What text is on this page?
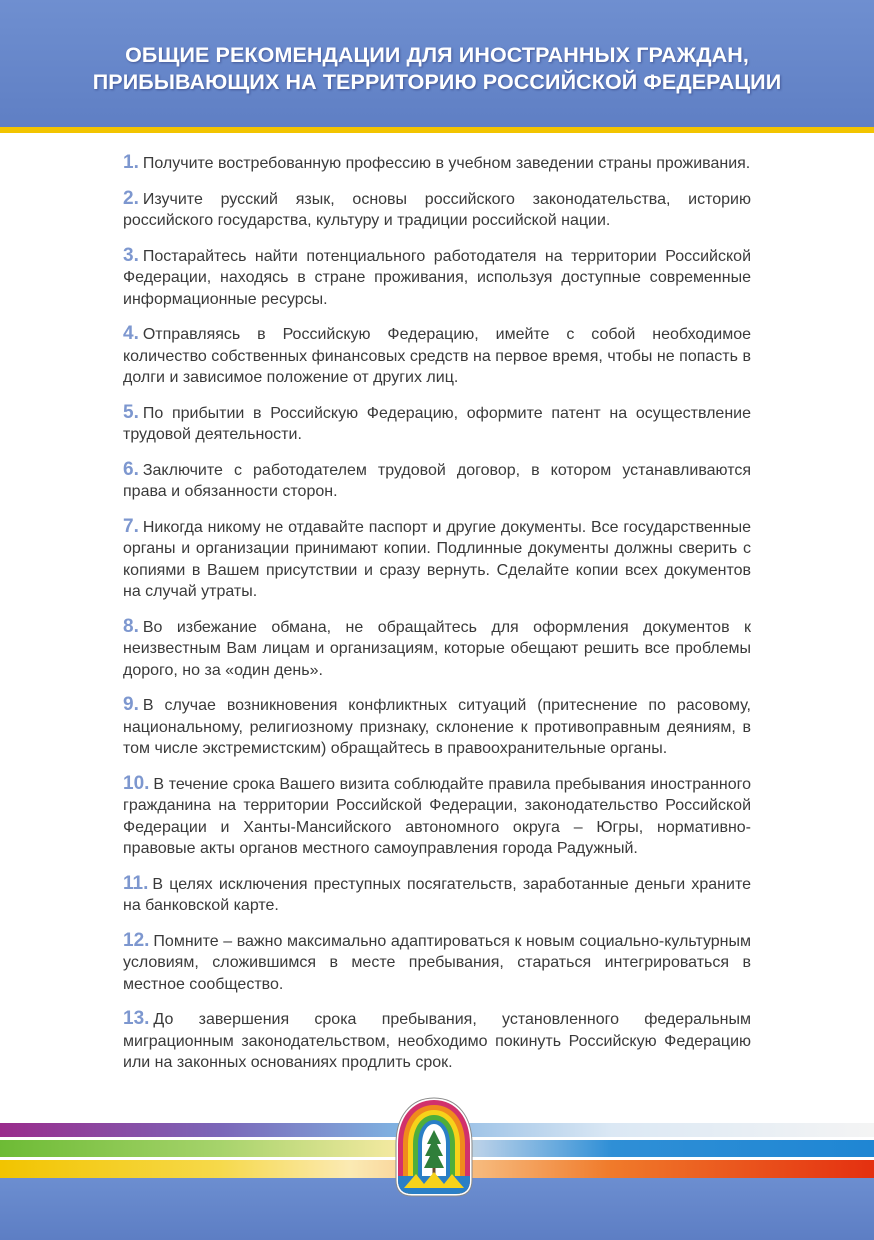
ОБЩИЕ РЕКОМЕНДАЦИИ ДЛЯ ИНОСТРАННЫХ ГРАЖДАН,
ПРИБЫВАЮЩИХ НА ТЕРРИТОРИЮ РОССИЙСКОЙ ФЕДЕРАЦИИ

1. Получите востребованную профессию в учебном заведении страны проживания.

2. Изучите русский язык, основы российского законодательства, историю российского государства, культуру и традиции российской нации.

3. Постарайтесь найти потенциального работодателя на территории Российской Федерации, находясь в стране проживания, используя доступные современные информационные ресурсы.

4. Отправляясь в Российскую Федерацию, имейте с собой необходимое количество собственных финансовых средств на первое время, чтобы не попасть в долги и зависимое положение от других лиц.

5. По прибытии в Российскую Федерацию, оформите патент на осуществление трудовой деятельности.

6. Заключите с работодателем трудовой договор, в котором устанавливаются права и обязанности сторон.

7. Никогда никому не отдавайте паспорт и другие документы. Все государственные органы и организации принимают копии. Подлинные документы должны сверить с копиями в Вашем присутствии и сразу вернуть. Сделайте копии всех документов на случай утраты.

8. Во избежание обмана, не обращайтесь для оформления документов к неизвестным Вам лицам и организациям, которые обещают решить все проблемы дорого, но за «один день».

9. В случае возникновения конфликтных ситуаций (притеснение по расовому, национальному, религиозному признаку, склонение к противоправным деяниям, в том числе экстремистским) обращайтесь в правоохранительные органы.

10. В течение срока Вашего визита соблюдайте правила пребывания иностранного гражданина на территории Российской Федерации, законодательство Российской Федерации и Ханты-Мансийского автономного округа – Югры, нормативно-правовые акты органов местного самоуправления города Радужный.

11. В целях исключения преступных посягательств, заработанные деньги храните на банковской карте.

12. Помните – важно максимально адаптироваться к новым социально-культурным условиям, сложившимся в месте пребывания, стараться интегрироваться в местное сообщество.

13. До завершения срока пребывания, установленного федеральным миграционным законодательством, необходимо покинуть Российскую Федерацию или на законных основаниях продлить срок.
